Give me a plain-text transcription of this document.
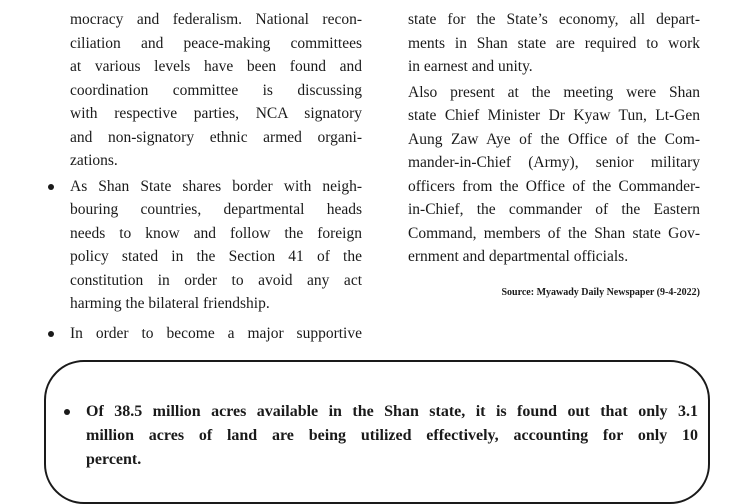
mocracy and federalism. National recon-
ciliation and peace-making committees
at various levels have been found and
coordination committee is discussing
with respective parties, NCA signatory
and non-signatory ethnic armed organi-
zations.
As Shan State shares border with neigh-
bouring countries, departmental heads
needs to know and follow the foreign
policy stated in the Section 41 of the
constitution in order to avoid any act
harming the bilateral friendship.
In order to become a major supportive
state for the State’s economy, all depart-
ments in Shan state are required to work
in earnest and unity.
Also present at the meeting were Shan
state Chief Minister Dr Kyaw Tun, Lt-Gen
Aung Zaw Aye of the Office of the Com-
mander-in-Chief (Army), senior military
officers from the Office of the Commander-
in-Chief, the commander of the Eastern
Command, members of the Shan state Gov-
ernment and departmental officials.
Source: Myawady Daily Newspaper (9-4-2022)
Of 38.5 million acres available in the Shan state, it is found out that only 3.1
million acres of land are being utilized effectively, accounting for only 10
percent.
